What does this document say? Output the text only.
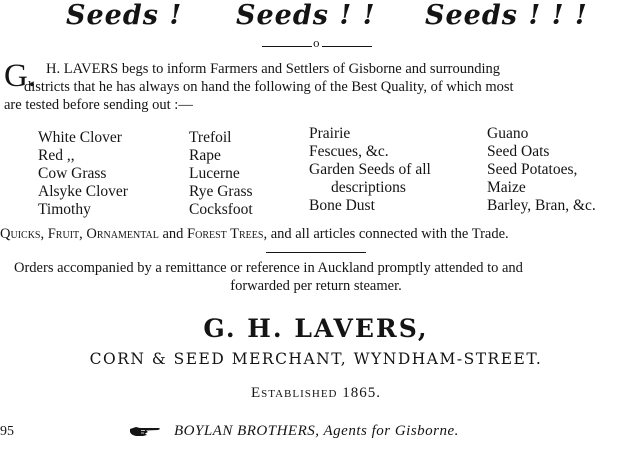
Seeds ! Seeds ! ! Seeds ! ! !
o
G. H. LAVERS begs to inform Farmers and Settlers of Gisborne and surrounding
districts that he has always on hand the following of the Best Quality, of which most
are tested before sending out :—
White Clover
Red ,,
Cow Grass
Alsyke Clover
Timothy
Trefoil
Rape
Lucerne
Rye Grass
Cocksfoot
Prairie
Fescues, &c.
Garden Seeds of all
descriptions
Bone Dust
Guano
Seed Oats
Seed Potatoes,
Maize
Barley, Bran, &c.
Quicks, Fruit, Ornamental and Forest Trees, and all articles connected with the Trade.
Orders accompanied by a remittance or reference in Auckland promptly attended to and
forwarded per return steamer.
G. H. LAVERS,
CORN & SEED MERCHANT, WYNDHAM-STREET.
Established 1865.
95	BOYLAN BROTHERS, Agents for Gisborne.
